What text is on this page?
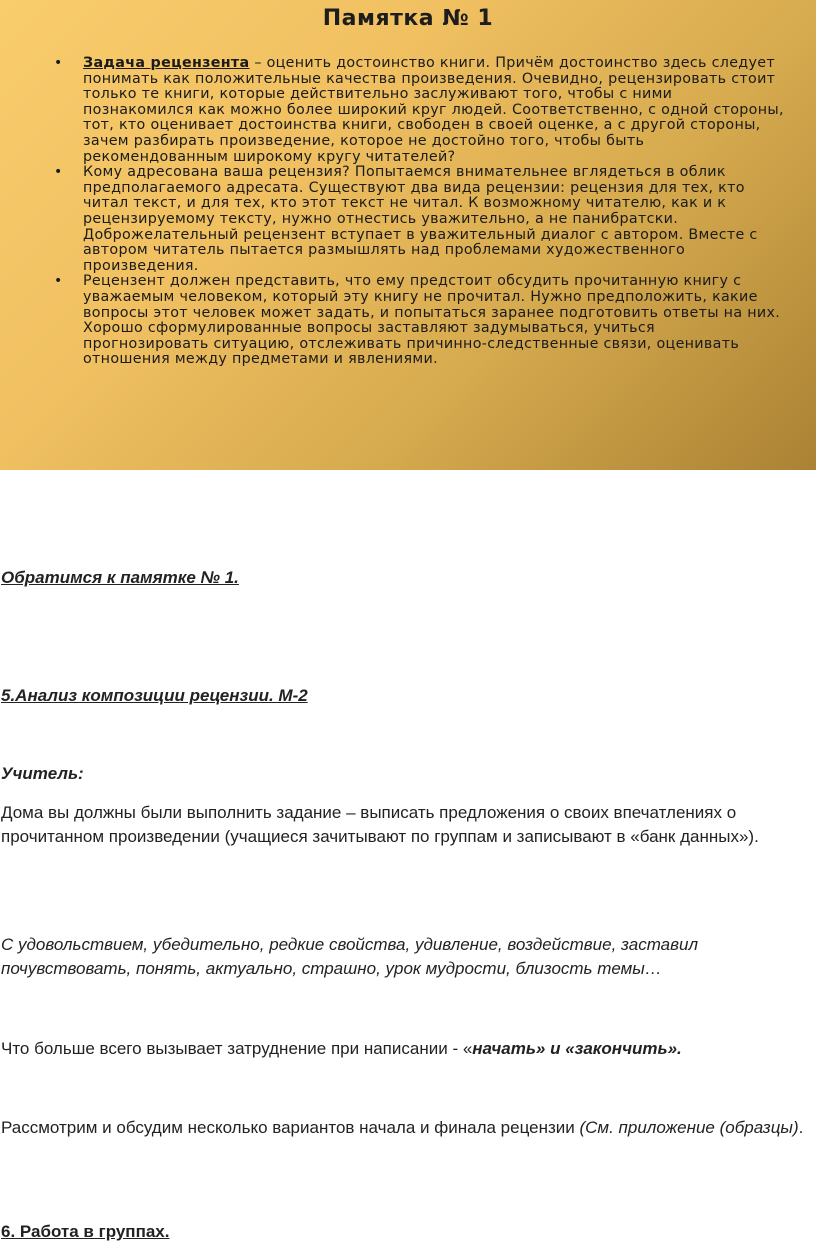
Памятка № 1
• Задача рецензента – оценить достоинство книги. Причём достоинство здесь следует понимать как положительные качества произведения. Очевидно, рецензировать стоит только те книги, которые действительно заслуживают того, чтобы с ними познакомился как можно более широкий круг людей. Соответственно, с одной стороны, тот, кто оценивает достоинства книги, свободен в своей оценке, а с другой стороны, зачем разбирать произведение, которое не достойно того, чтобы быть рекомендованным широкому кругу читателей?
• Кому адресована ваша рецензия? Попытаемся внимательнее вглядеться в облик предполагаемого адресата. Существуют два вида рецензии: рецензия для тех, кто читал текст, и для тех, кто этот текст не читал. К возможному читателю, как и к рецензируемому тексту, нужно отнестись уважительно, а не панибратски. Доброжелательный рецензент вступает в уважительный диалог с автором. Вместе с автором читатель пытается размышлять над проблемами художественного произведения.
• Рецензент должен представить, что ему предстоит обсудить прочитанную книгу с уважаемым человеком, который эту книгу не прочитал. Нужно предположить, какие вопросы этот человек может задать, и попытаться заранее подготовить ответы на них. Хорошо сформулированные вопросы заставляют задумываться, учиться прогнозировать ситуацию, отслеживать причинно-следственные связи, оценивать отношения между предметами и явлениями.

Обратимся к памятке № 1.

5.Анализ композиции рецензии. М-2

Учитель:

Дома вы должны были выполнить задание – выписать предложения о своих впечатлениях о прочитанном произведении (учащиеся зачитывают по группам и записывают в «банк данных»).

С удовольствием, убедительно, редкие свойства, удивление, воздействие, заставил почувствовать, понять, актуально, страшно, урок мудрости, близость темы…

Что больше всего вызывает затруднение при написании - «начать» и «закончить».

Рассмотрим и обсудим несколько вариантов начала и финала рецензии (См. приложение (образцы).

6. Работа в группах.
